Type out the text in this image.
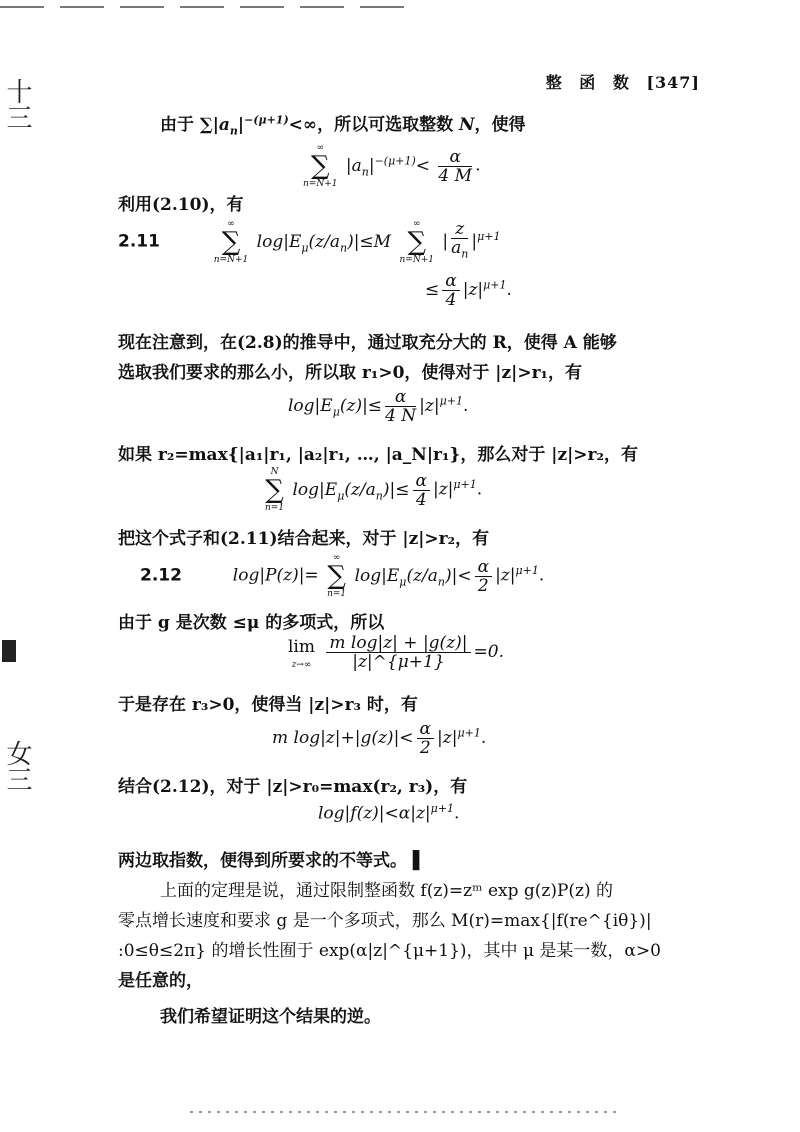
十三
女三
整 函 数 [347]
由于 $\sum|a_n|^{-(\mu+1)}<\infty$，所以可选取整数 N，使得
∞
∑
n=N+1
$|a_n|^{-(\mu+1)}< \frac{\alpha}{4 M}$ .
利用(2.10)，有
2.11
∞
∑
n=N+1
$\log|E_\mu(z/a_n)|\le M$
∞
∑
n=N+1
| $\frac{z}{a_n} |^{\mu+1}$
≤ $\frac{\alpha}{4} |z|^{\mu+1}$.
现在注意到，在(2.8)的推导中，通过取充分大的 R，使得 A 能够
选取我们要求的那么小，所以取 r₁>0，使得对于 |z|>r₁，有
$\log|E_\mu(z)|\le \frac{\alpha}{4 N} |z|^{\mu+1}$.
如果 r₂=max{|a₁|r₁, |a₂|r₁, …, |a_N|r₁}，那么对于 |z|>r₂，有
N
∑
n=1
$\log|E_\mu(z/a_n)|\le \frac{\alpha}{4} |z|^{\mu+1}$.
把这个式子和(2.11)结合起来，对于 |z|>r₂，有
2.12	log|P(z)|=
∞
∑
n=1
$\log|E_\mu(z/a_n)|< \frac{\alpha}{2} |z|^{\mu+1}$.
由于 g 是次数 ≤μ 的多项式，所以
lim
z→∞
$\frac{\text{m log|z| + |g(z)|}}{|z|\^{}\{\mu+1\}} =0$.
于是存在 r₃>0，使得当 |z|>r₃ 时，有
m $\log|z|+|g(z)|< \frac{\alpha}{2} |z|^{\mu+1}$.
结合(2.12)，对于 |z|>r₀=max(r₂, r₃)，有
$\log|f(z)|<\alpha|z|^{\mu+1}$.
两边取指数，便得到所要求的不等式。 ▌
上面的定理是说，通过限制整函数 f(z)=zᵐ exp g(z)P(z) 的
零点增长速度和要求 g 是一个多项式，那么 M(r)=max{|f(re^{iθ})|
:0≤θ≤2π} 的增长性囿于 exp(α|z|^{μ+1})，其中 μ 是某一数，α>0
是任意的，
我们希望证明这个结果的逆。
